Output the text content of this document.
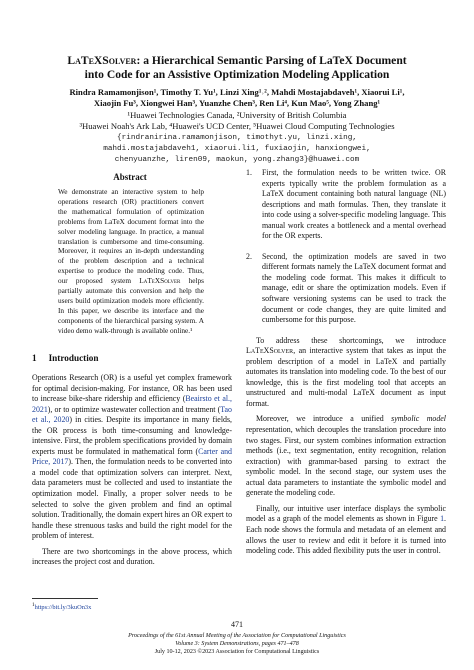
LaTeXSolver: a Hierarchical Semantic Parsing of LaTeX Document
into Code for an Assistive Optimization Modeling Application
Rindra Ramamonjison¹, Timothy T. Yu¹, Linzi Xing¹˒², Mahdi Mostajabdaveh¹, Xiaorui Li¹,
Xiaojin Fu³, Xiongwei Han³, Yuanzhe Chen³, Ren Li⁴, Kun Mao⁵, Yong Zhang¹
¹Huawei Technologies Canada, ²University of British Columbia
³Huawei Noah's Ark Lab, ⁴Huawei's UCD Center, ⁵Huawei Cloud Computing Technologies
{rindranirina.ramamonjison, timothyt.yu, linzi.xing,
mahdi.mostajabdaveh1, xiaorui.li1, fuxiaojin, hanxiongwei,
chenyuanzhe, liren09, maokun, yong.zhang3}@huawei.com
Abstract
We demonstrate an interactive system to help operations research (OR) practitioners convert the mathematical formulation of optimization problems from LaTeX document format into the solver modeling language. In practice, a manual translation is cumbersome and time-consuming. Moreover, it requires an in-depth understanding of the problem description and a technical expertise to produce the modeling code. Thus, our proposed system LaTeXSolver helps partially automate this conversion and help the users build optimization models more efficiently. In this paper, we describe its interface and the components of the hierarchical parsing system. A video demo walk-through is available online.¹
1 Introduction

Operations Research (OR) is a useful yet complex framework for optimal decision-making. For instance, OR has been used to increase bike-share ridership and efficiency (Beairsto et al., 2021), or to optimize wastewater collection and treatment (Tao et al., 2020) in cities. Despite its importance in many fields, the OR process is both time-consuming and knowledge-intensive. First, the problem specifications provided by domain experts must be formulated in mathematical form (Carter and Price, 2017). Then, the formulation needs to be converted into a model code that optimization solvers can interpret. Next, data parameters must be collected and used to instantiate the optimization model. Finally, a proper solver needs to be selected to solve the given problem and find an optimal solution. Traditionally, the domain expert hires an OR expert to handle these strenuous tasks and build the right model for the problem of interest.

There are two shortcomings in the above process, which increases the project cost and duration.

$^1$https://bit.ly/3kuOn3x
1. First, the formulation needs to be written twice. OR experts typically write the problem formulation as a LaTeX document containing both natural language (NL) descriptions and math formulas. Then, they translate it into code using a solver-specific modeling language. This manual work creates a bottleneck and a mental overhead for the OR experts.
2. Second, the optimization models are saved in two different formats namely the LaTeX document format and the modeling code format. This makes it difficult to manage, edit or share the optimization models. Even if software versioning systems can be used to track the document or code changes, they are quite limited and cumbersome for this purpose.

To address these shortcomings, we introduce LaTeXSolver, an interactive system that takes as input the problem description of a model in LaTeX and partially automates its translation into modeling code. To the best of our knowledge, this is the first modeling tool that accepts an unstructured and multi-modal LaTeX document as input format.

Moreover, we introduce a unified symbolic model representation, which decouples the translation procedure into two stages. First, our system combines information extraction methods (i.e., text segmentation, entity recognition, relation extraction) with grammar-based parsing to extract the symbolic model. In the second stage, our system uses the actual data parameters to instantiate the symbolic model and generate the modeling code.

Finally, our intuitive user interface displays the symbolic model as a graph of the model elements as shown in Figure 1. Each node shows the formula and metadata of an element and allows the user to review and edit it before it is turned into modeling code. This added flexibility puts the user in control.

471
Proceedings of the 61st Annual Meeting of the Association for Computational Linguistics
Volume 3: System Demonstrations, pages 471–478
July 10-12, 2023 ©2023 Association for Computational Linguistics
